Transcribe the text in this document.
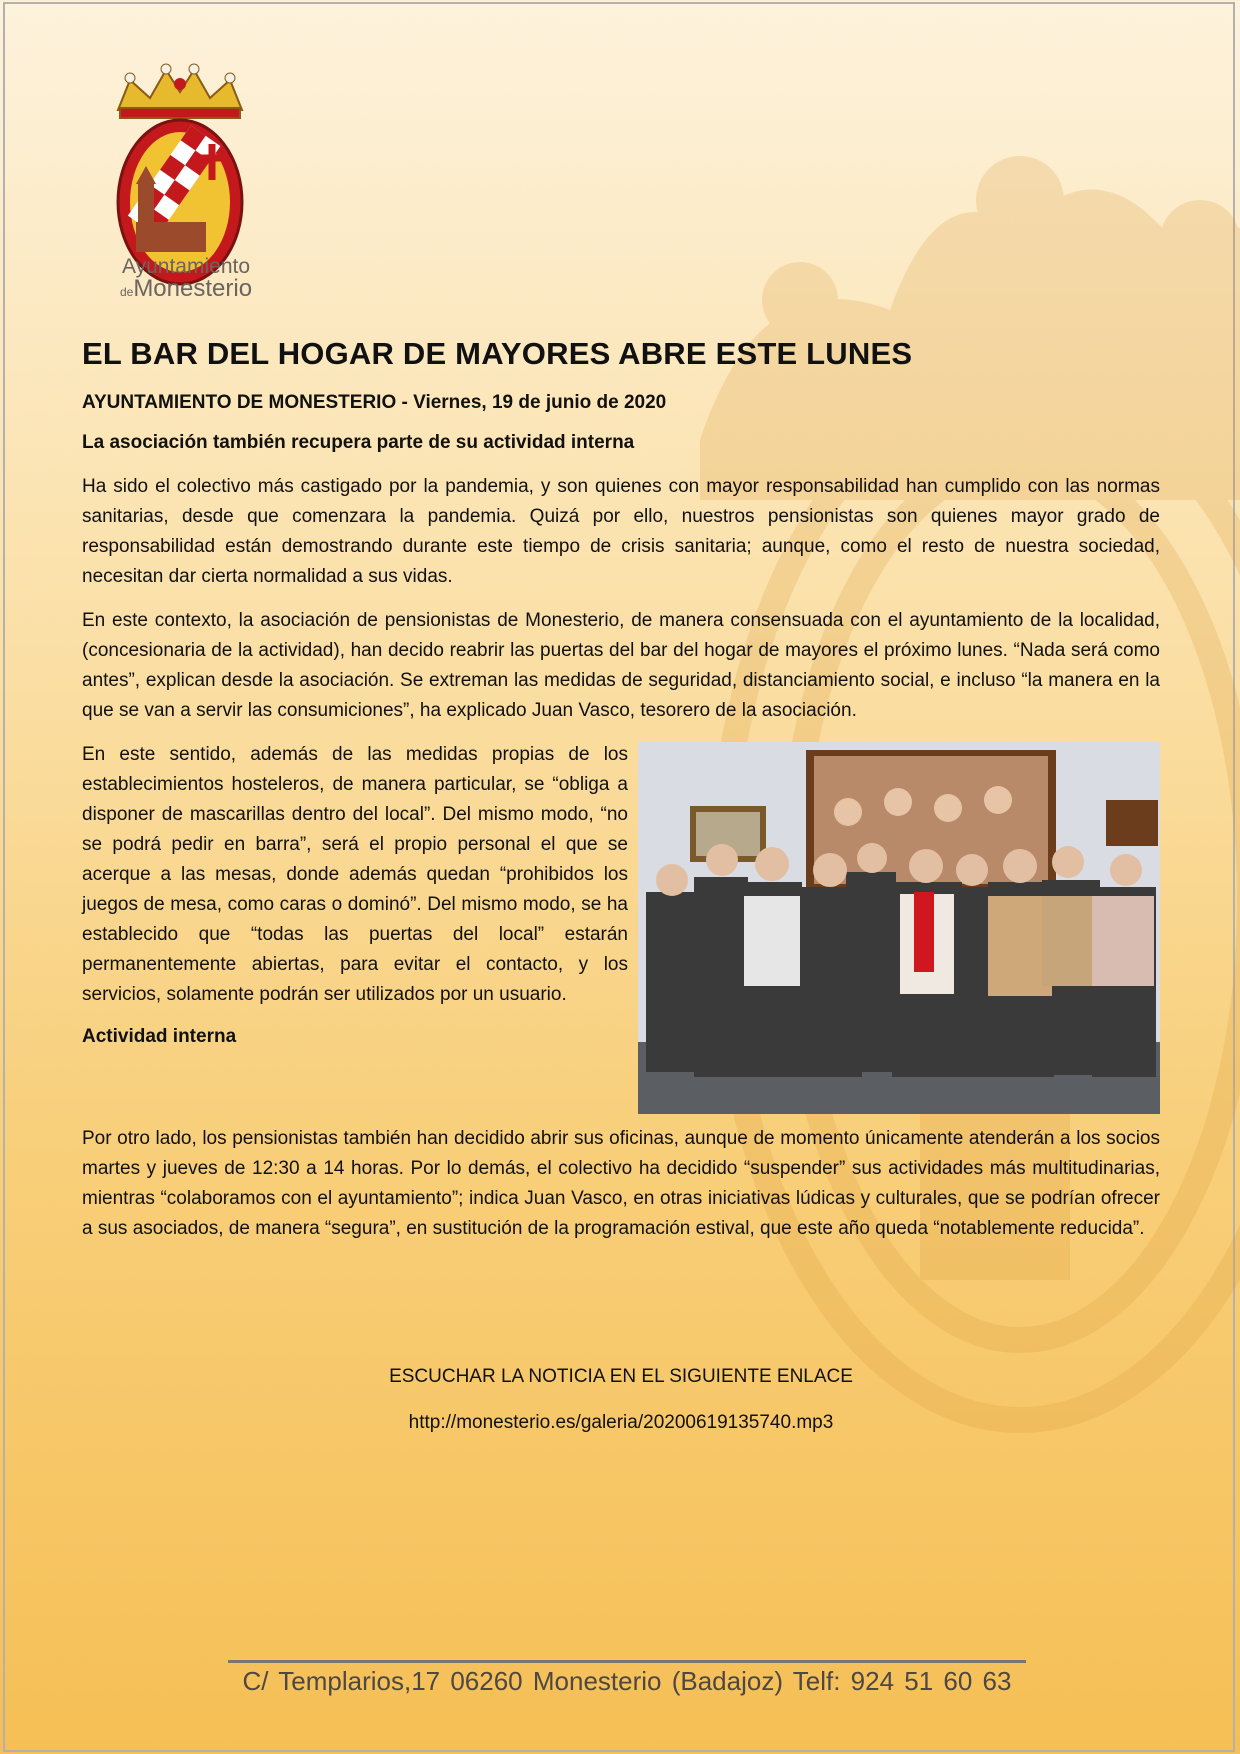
Ayuntamiento
deMonesterio
EL BAR DEL HOGAR DE MAYORES ABRE ESTE LUNES
AYUNTAMIENTO DE MONESTERIO - Viernes, 19 de junio de 2020
La asociación también recupera parte de su actividad interna

Ha sido el colectivo más castigado por la pandemia, y son quienes con mayor responsabilidad han cumplido con las normas sanitarias, desde que comenzara la pandemia. Quizá por ello, nuestros pensionistas son quienes mayor grado de responsabilidad están demostrando durante este tiempo de crisis sanitaria; aunque, como el resto de nuestra sociedad, necesitan dar cierta normalidad a sus vidas.

En este contexto, la asociación de pensionistas de Monesterio, de manera consensuada con el ayuntamiento de la localidad, (concesionaria de la actividad), han decido reabrir las puertas del bar del hogar de mayores el próximo lunes. “Nada será como antes”, explican desde la asociación. Se extreman las medidas de seguridad, distanciamiento social, e incluso “la manera en la que se van a servir las consumiciones”, ha explicado Juan Vasco, tesorero de la asociación.

En este sentido, además de las medidas propias de los establecimientos hosteleros, de manera particular, se “obliga a disponer de mascarillas dentro del local”. Del mismo modo, “no se podrá pedir en barra”, será el propio personal el que se acerque a las mesas, donde además quedan “prohibidos los juegos de mesa, como caras o dominó”. Del mismo modo, se ha establecido que “todas las puertas del local” estarán permanentemente abiertas, para evitar el contacto, y los servicios, solamente podrán ser utilizados por un usuario.

Actividad interna

Por otro lado, los pensionistas también han decidido abrir sus oficinas, aunque de momento únicamente atenderán a los socios martes y jueves de 12:30 a 14 horas. Por lo demás, el colectivo ha decidido “suspender” sus actividades más multitudinarias, mientras “colaboramos con el ayuntamiento”; indica Juan Vasco, en otras iniciativas lúdicas y culturales, que se podrían ofrecer a sus asociados, de manera “segura”, en sustitución de la programación estival, que este año queda “notablemente reducida”.

ESCUCHAR LA NOTICIA EN EL SIGUIENTE ENLACE
http://monesterio.es/galeria/20200619135740.mp3
C/ Templarios,17 06260 Monesterio (Badajoz) Telf: 924 51 60 63
